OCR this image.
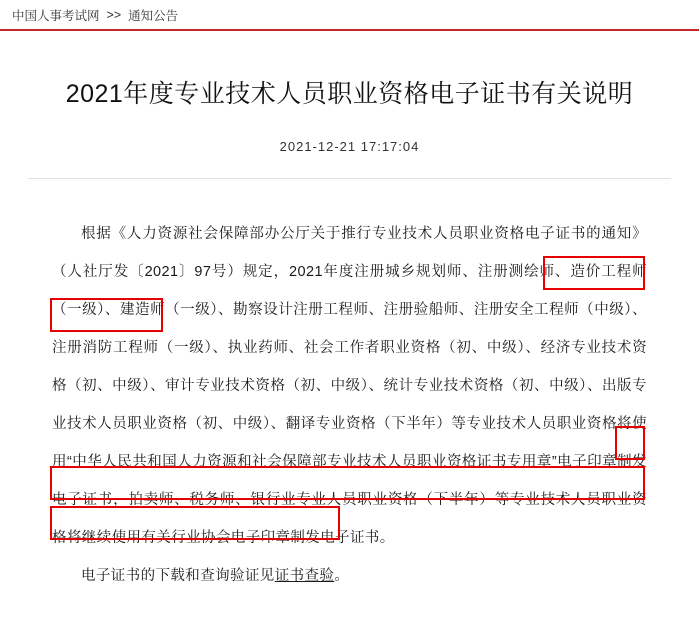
中国人事考试网 >> 通知公告
2021年度专业技术人员职业资格电子证书有关说明
2021-12-21 17:17:04

根据《人力资源社会保障部办公厅关于推行专业技术人员职业资格电子证书的通知》（人社厅发〔2021〕97号）规定，2021年度注册城乡规划师、注册测绘师、造价工程师（一级）、建造师（一级）、勘察设计注册工程师、注册验船师、注册安全工程师（中级）、注册消防工程师（一级）、执业药师、社会工作者职业资格（初、中级）、经济专业技术资格（初、中级）、审计专业技术资格（初、中级）、统计专业技术资格（初、中级）、出版专业技术人员职业资格（初、中级）、翻译专业资格（下半年）等专业技术人员职业资格将使用“中华人民共和国人力资源和社会保障部专业技术人员职业资格证书专用章”电子印章制发电子证书，拍卖师、税务师、银行业专业人员职业资格（下半年）等专业技术人员职业资格将继续使用有关行业协会电子印章制发电子证书。

电子证书的下载和查询验证见证书查验。
